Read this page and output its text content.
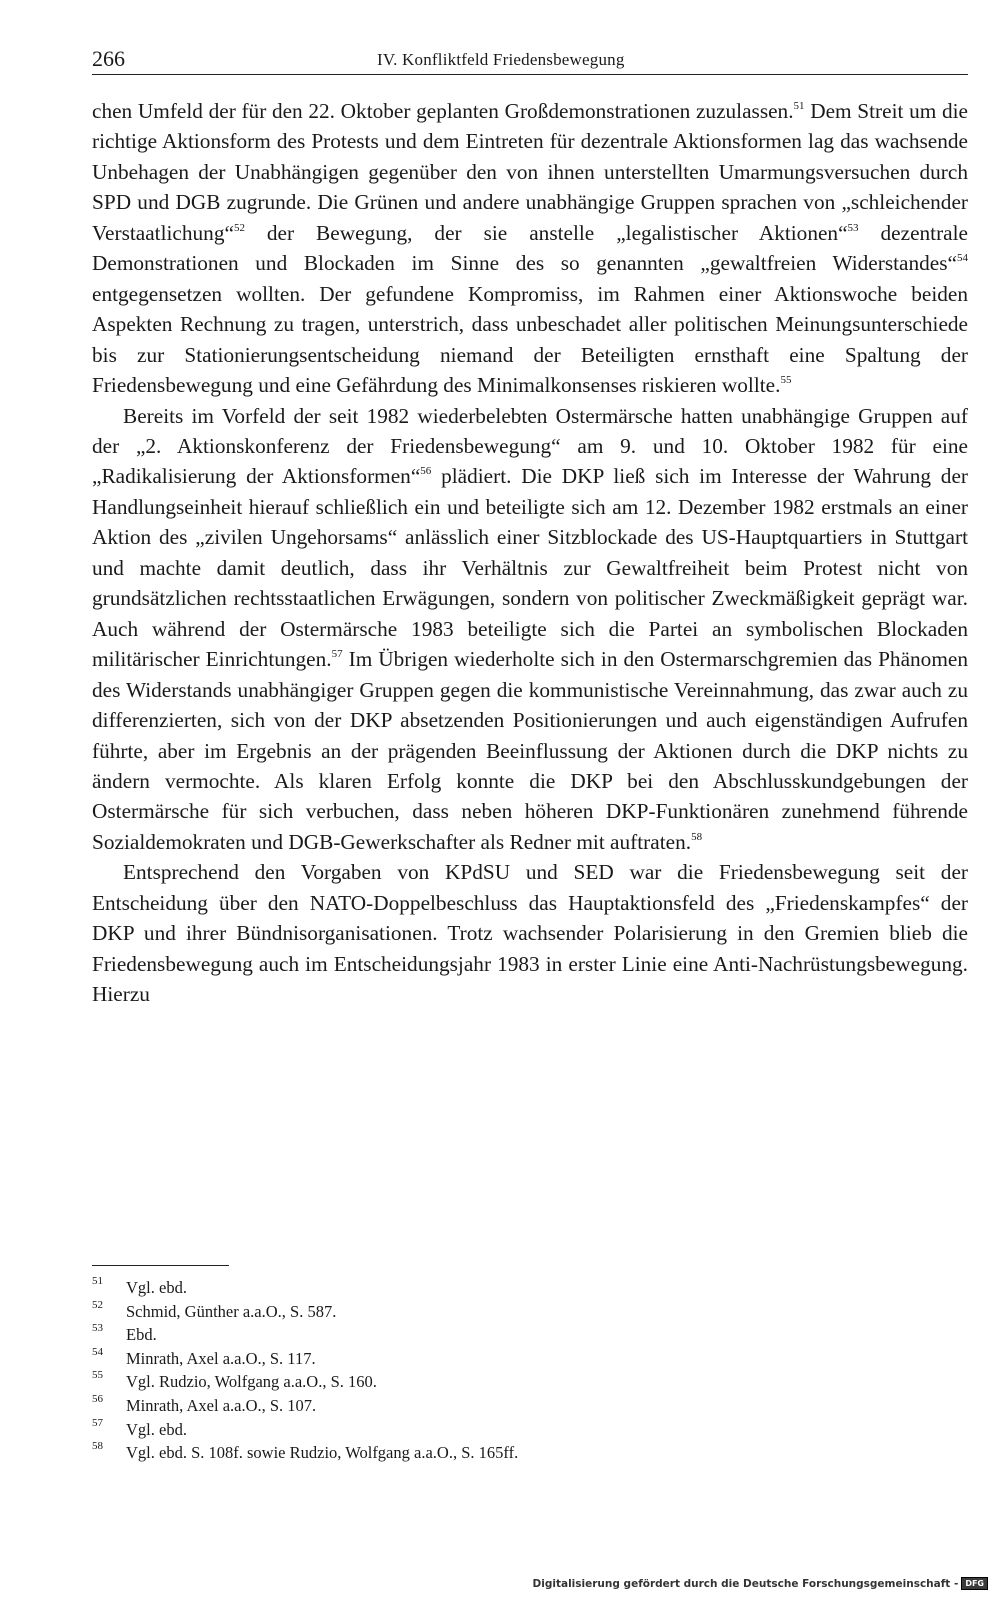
266	IV. Konfliktfeld Friedensbewegung

chen Umfeld der für den 22. Oktober geplanten Großdemonstrationen zuzulassen.$^{51}$ Dem Streit um die richtige Aktionsform des Protests und dem Eintreten für dezentrale Aktionsformen lag das wachsende Unbehagen der Unabhängigen gegenüber den von ihnen unterstellten Umarmungsversuchen durch SPD und DGB zugrunde. Die Grünen und andere unabhängige Gruppen sprachen von „schleichender Verstaatlichung“$^{52}$ der Bewegung, der sie anstelle „legalistischer Aktionen“$^{53}$ dezentrale Demonstrationen und Blockaden im Sinne des so genannten „gewaltfreien Widerstandes“$^{54}$ entgegensetzen wollten. Der gefundene Kompromiss, im Rahmen einer Aktionswoche beiden Aspekten Rechnung zu tragen, unterstrich, dass unbeschadet aller politischen Meinungsunterschiede bis zur Stationierungsentscheidung niemand der Beteiligten ernsthaft eine Spaltung der Friedensbewegung und eine Gefährdung des Minimalkonsenses riskieren wollte.$^{55}$

Bereits im Vorfeld der seit 1982 wiederbelebten Ostermärsche hatten unabhängige Gruppen auf der „2. Aktionskonferenz der Friedensbewegung“ am 9. und 10. Oktober 1982 für eine „Radikalisierung der Aktionsformen“$^{56}$ plädiert. Die DKP ließ sich im Interesse der Wahrung der Handlungseinheit hierauf schließlich ein und beteiligte sich am 12. Dezember 1982 erstmals an einer Aktion des „zivilen Ungehorsams“ anlässlich einer Sitzblockade des US-Hauptquartiers in Stuttgart und machte damit deutlich, dass ihr Verhältnis zur Gewaltfreiheit beim Protest nicht von grundsätzlichen rechtsstaatlichen Erwägungen, sondern von politischer Zweckmäßigkeit geprägt war. Auch während der Ostermärsche 1983 beteiligte sich die Partei an symbolischen Blockaden militärischer Einrichtungen.$^{57}$ Im Übrigen wiederholte sich in den Ostermarschgremien das Phänomen des Widerstands unabhängiger Gruppen gegen die kommunistische Vereinnahmung, das zwar auch zu differenzierten, sich von der DKP absetzenden Positionierungen und auch eigenständigen Aufrufen führte, aber im Ergebnis an der prägenden Beeinflussung der Aktionen durch die DKP nichts zu ändern vermochte. Als klaren Erfolg konnte die DKP bei den Abschlusskundgebungen der Ostermärsche für sich verbuchen, dass neben höheren DKP-Funktionären zunehmend führende Sozialdemokraten und DGB-Gewerkschafter als Redner mit auftraten.$^{58}$

Entsprechend den Vorgaben von KPdSU und SED war die Friedensbewegung seit der Entscheidung über den NATO-Doppelbeschluss das Hauptaktionsfeld des „Friedenskampfes“ der DKP und ihrer Bündnisorganisationen. Trotz wachsender Polarisierung in den Gremien blieb die Friedensbewegung auch im Entscheidungsjahr 1983 in erster Linie eine Anti-Nachrüstungsbewegung. Hierzu

51	Vgl. ebd.
52	Schmid, Günther a.a.O., S. 587.
53	Ebd.
54	Minrath, Axel a.a.O., S. 117.
55	Vgl. Rudzio, Wolfgang a.a.O., S. 160.
56	Minrath, Axel a.a.O., S. 107.
57	Vgl. ebd.
58	Vgl. ebd. S. 108f. sowie Rudzio, Wolfgang a.a.O., S. 165ff.
Digitalisierung gefördert durch die Deutsche Forschungsgemeinschaft - DFG
